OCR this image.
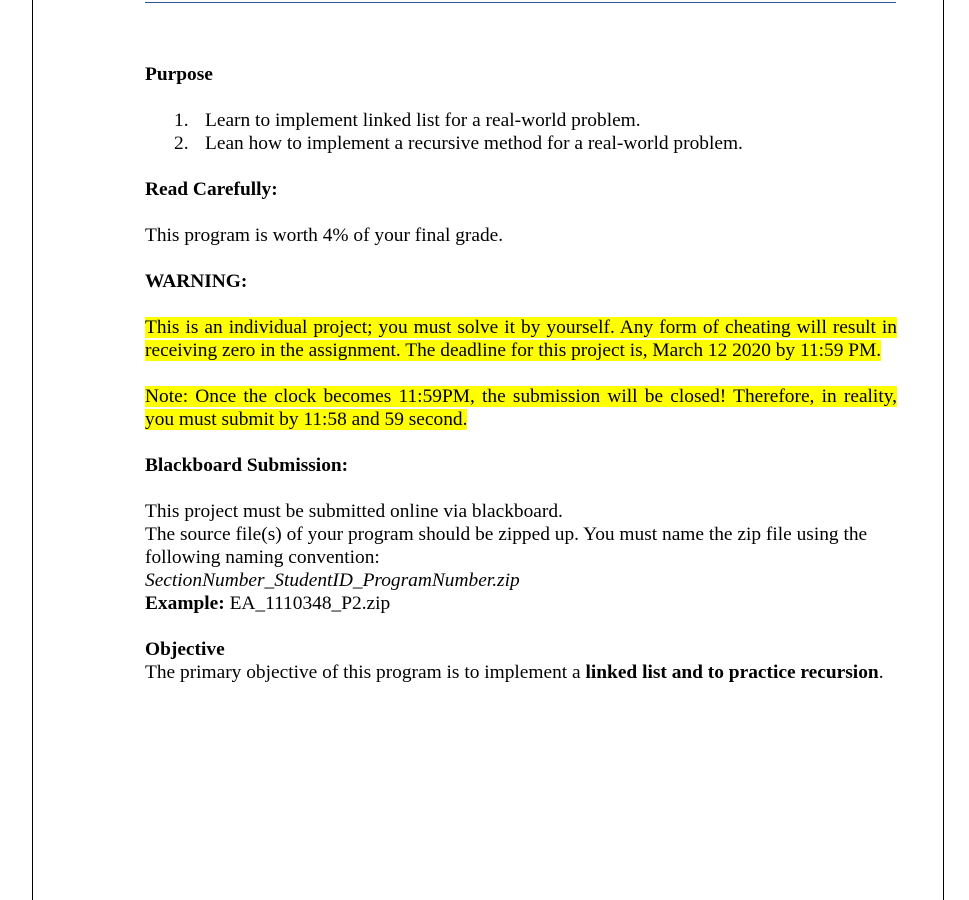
Purpose

1. Learn to implement linked list for a real-world problem.
2. Lean how to implement a recursive method for a real-world problem.

Read Carefully:

This program is worth 4% of your final grade.

WARNING:

This is an individual project; you must solve it by yourself. Any form of cheating will result in receiving zero in the assignment. The deadline for this project is, March 12 2020 by 11:59 PM.

Note: Once the clock becomes 11:59PM, the submission will be closed! Therefore, in reality, you must submit by 11:58 and 59 second.

Blackboard Submission:

This project must be submitted online via blackboard.

The source file(s) of your program should be zipped up. You must name the zip file using the following naming convention:

SectionNumber_StudentID_ProgramNumber.zip

Example: EA_1110348_P2.zip

Objective

The primary objective of this program is to implement a linked list and to practice recursion.
